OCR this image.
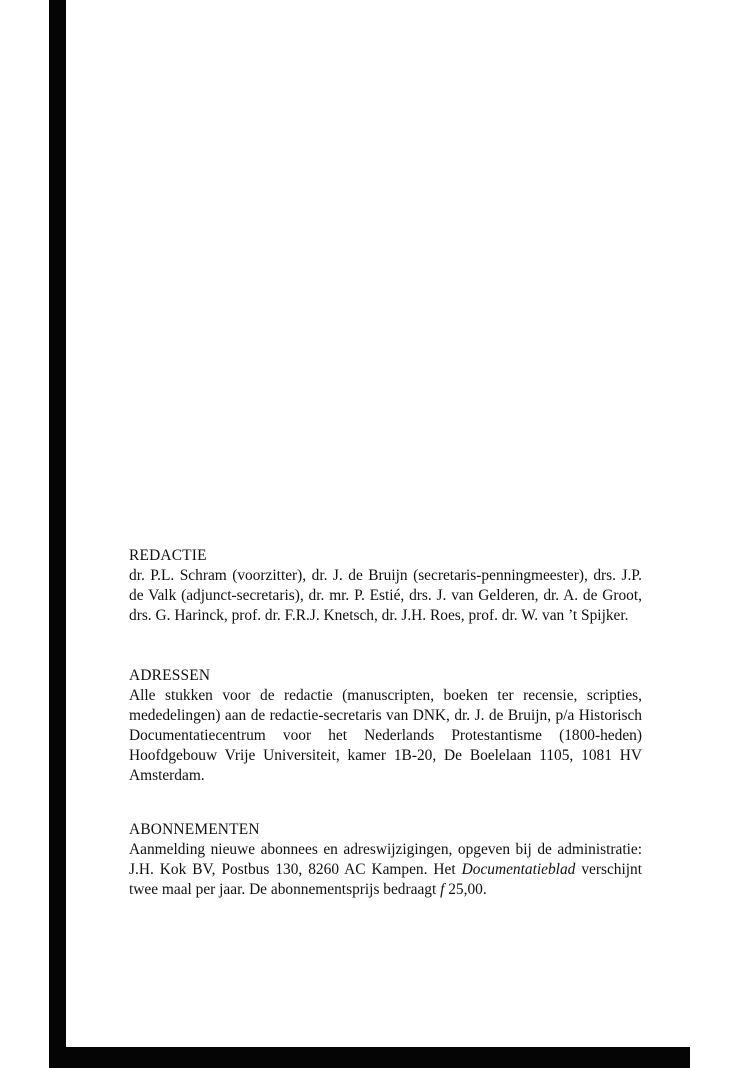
REDACTIE
dr. P.L. Schram (voorzitter), dr. J. de Bruijn (secretaris-penningmeester), drs. J.P. de Valk (adjunct-secretaris), dr. mr. P. Estié, drs. J. van Gelderen, dr. A. de Groot, drs. G. Harinck, prof. dr. F.R.J. Knetsch, dr. J.H. Roes, prof. dr. W. van ’t Spijker.
ADRESSEN
Alle stukken voor de redactie (manuscripten, boeken ter recensie, scripties, mededelingen) aan de redactie-secretaris van DNK, dr. J. de Bruijn, p/a Historisch Documentatiecentrum voor het Nederlands Protestantisme (1800-heden) Hoofdgebouw Vrije Universiteit, kamer 1B-20, De Boelelaan 1105, 1081 HV Amsterdam.
ABONNEMENTEN
Aanmelding nieuwe abonnees en adreswijzigingen, opgeven bij de administratie: J.H. Kok BV, Postbus 130, 8260 AC Kampen. Het Documentatieblad verschijnt twee maal per jaar. De abonnementsprijs bedraagt f 25,00.
